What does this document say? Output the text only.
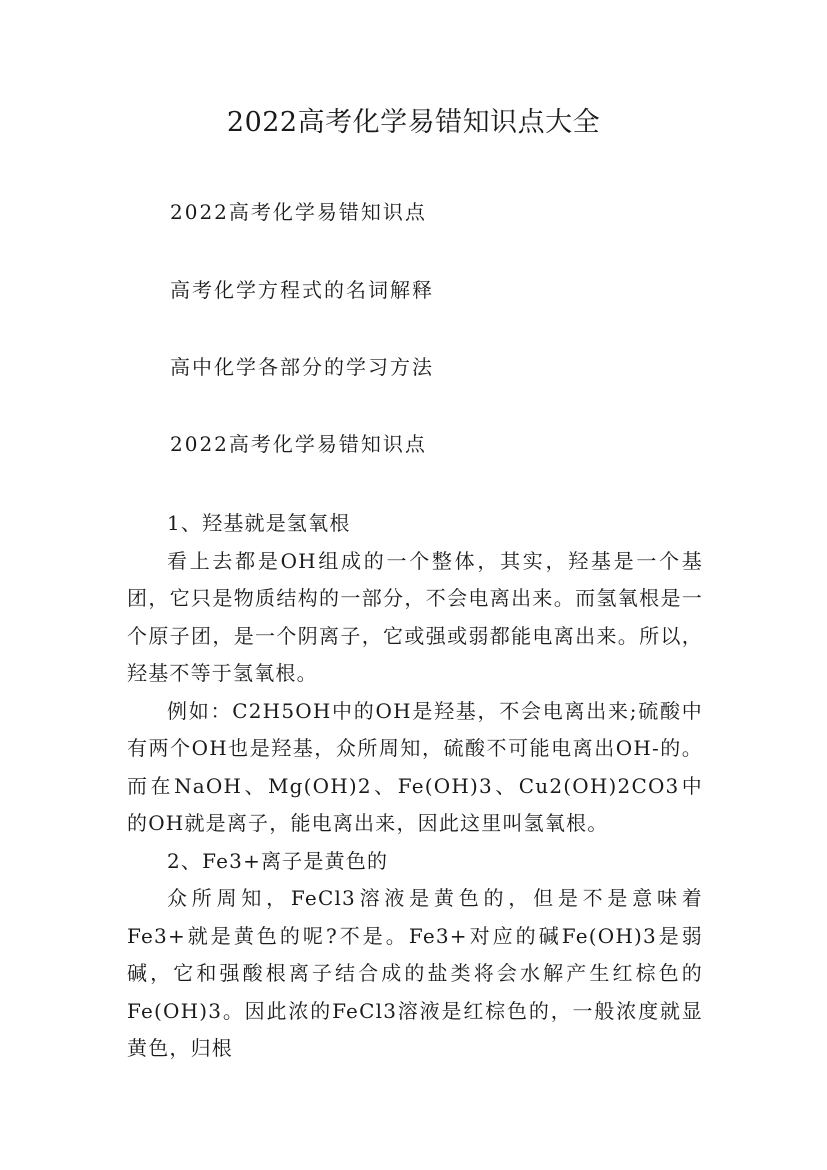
2022高考化学易错知识点大全
2022高考化学易错知识点
高考化学方程式的名词解释
高中化学各部分的学习方法
2022高考化学易错知识点

1、羟基就是氢氧根

看上去都是OH组成的一个整体，其实，羟基是一个基团，它只是物质结构的一部分，不会电离出来。而氢氧根是一个原子团，是一个阴离子，它或强或弱都能电离出来。所以，羟基不等于氢氧根。

例如：C2H5OH中的OH是羟基，不会电离出来;硫酸中有两个OH也是羟基，众所周知，硫酸不可能电离出OH-的。而在NaOH、Mg(OH)2、Fe(OH)3、Cu2(OH)2CO3中的OH就是离子，能电离出来，因此这里叫氢氧根。

2、Fe3+离子是黄色的

众所周知，FeCl3溶液是黄色的，但是不是意味着Fe3+就是黄色的呢?不是。Fe3+对应的碱Fe(OH)3是弱碱，它和强酸根离子结合成的盐类将会水解产生红棕色的Fe(OH)3。因此浓的FeCl3溶液是红棕色的，一般浓度就显黄色，归根
